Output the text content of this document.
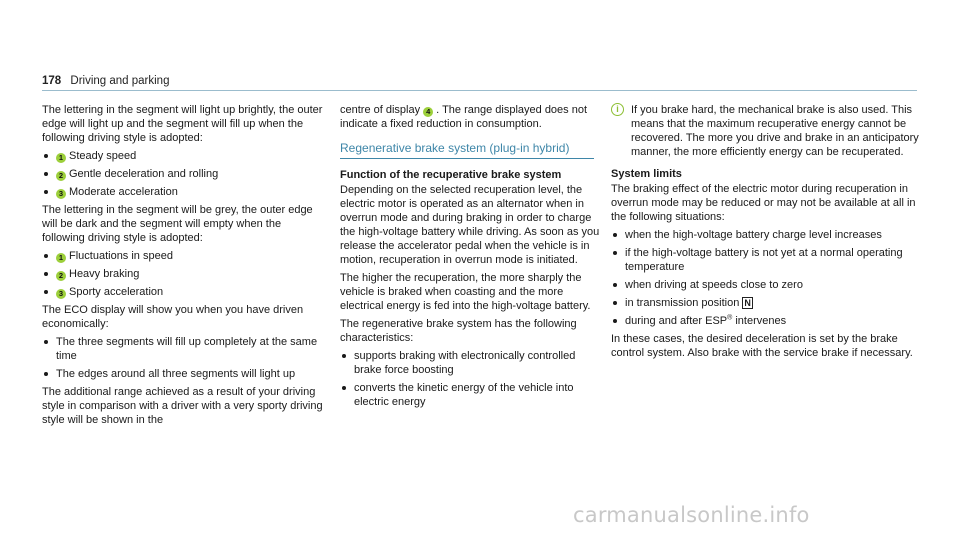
178 Driving and parking

The lettering in the segment will light up brightly, the outer edge will light up and the segment will fill up when the following driving style is adopted:

1 Steady speed
2 Gentle deceleration and rolling
3 Moderate acceleration

The lettering in the segment will be grey, the outer edge will be dark and the segment will empty when the following driving style is adopted:

1 Fluctuations in speed
2 Heavy braking
3 Sporty acceleration

The ECO display will show you when you have driven economically:

The three segments will fill up completely at the same time
The edges around all three segments will light up

The additional range achieved as a result of your driving style in comparison with a driver with a very sporty driving style will be shown in the

centre of display 4 . The range displayed does not indicate a fixed reduction in consumption.

Regenerative brake system (plug-in hybrid)
Function of the recuperative brake system

Depending on the selected recuperation level, the electric motor is operated as an alternator when in overrun mode and during braking in order to charge the high-voltage battery while driving. As soon as you release the accelerator pedal when the vehicle is in motion, recuperation in overrun mode is initiated.

The higher the recuperation, the more sharply the vehicle is braked when coasting and the more electrical energy is fed into the high-voltage battery.

The regenerative brake system has the following characteristics:

supports braking with electronically controlled brake force boosting
converts the kinetic energy of the vehicle into electric energy
i	If you brake hard, the mechanical brake is also used. This means that the maximum recuperative energy cannot be recovered. The more you drive and brake in an anticipatory manner, the more efficiently energy can be recuperated.
System limits

The braking effect of the electric motor during recuperation in overrun mode may be reduced or may not be available at all in the following situations:

when the high-voltage battery charge level increases
if the high-voltage battery is not yet at a normal operating temperature
when driving at speeds close to zero
in transmission position N
during and after ESP® intervenes

In these cases, the desired deceleration is set by the brake control system. Also brake with the service brake if necessary.

carmanualsonline.info
